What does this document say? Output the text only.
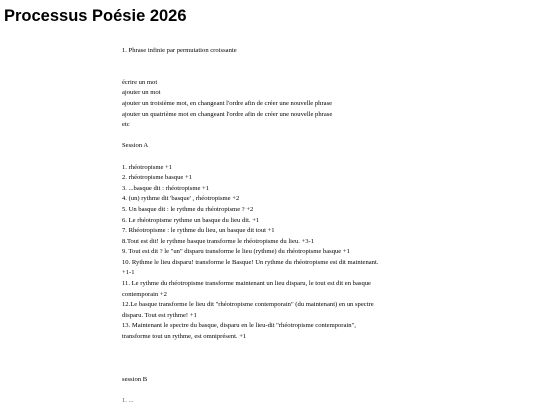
Processus Poésie 2026
1. Phrase infinie par permutation croissante
écrire un mot
ajouter un mot
ajouter un troisième mot, en changeant l'ordre afin de créer une nouvelle phrase
ajouter un quatrième mot en changeant l'ordre afin de créer une nouvelle phrase
etc
Session A
1. rhéotropisme +1
2. rhéotropisme basque +1
3. ...basque dit : rhéotropisme +1
4. (un) rythme dit 'basque' , rhéotropisme +2
5. Un basque dit : le rythme du rhéotropisme ? +2
6. Le rhéotropisme rythme un basque du lieu dit. +1
7. Rhéotropisme : le rythme du lieu, un basque dit tout +1
8.Tout est dit! le rythme basque transforme le rhéotropisme du lieu. +3-1
9. Tout est dit ? le "un" disparu transforme le lieu (rythme) du rhéotropisme basque +1
10. Rythme le lieu disparu! transforme le Basque! Un rythme du rhéotropisme est dit maintenant.
+1-1
11. Le rythme du rhéotropisme transforme maintenant un lieu disparu, le tout est dit en basque
contemporain +2
12.Le basque transforme le lieu dit "rhéotropisme contemporain" (du maintenant) en un spectre
disparu. Tout est rythme! +1
13. Maintenant le spectre du basque, disparu en le lieu-dit "rhéotropisme contemporain",
transforme tout un rythme, est omniprésent. +1
session B
1. ...
